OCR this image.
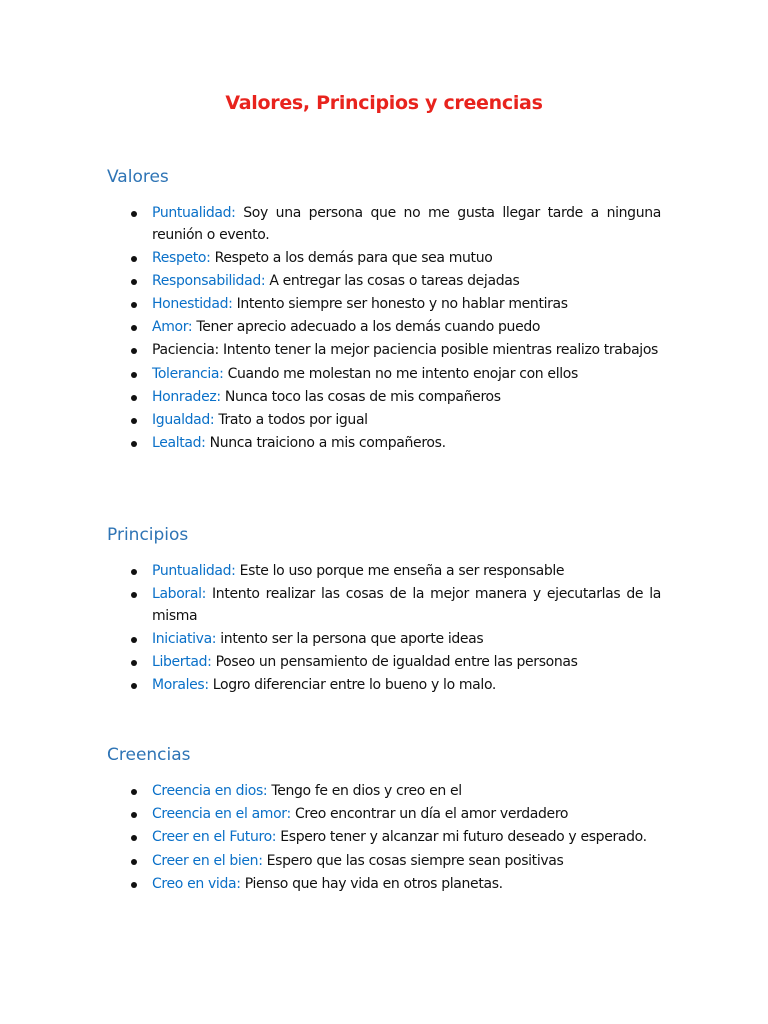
Valores, Principios y creencias
Valores
Puntualidad: Soy una persona que no me gusta llegar tarde a ninguna reunión o evento.
Respeto: Respeto a los demás para que sea mutuo
Responsabilidad: A entregar las cosas o tareas dejadas
Honestidad: Intento siempre ser honesto y no hablar mentiras
Amor: Tener aprecio adecuado a los demás cuando puedo
Paciencia: Intento tener la mejor paciencia posible mientras realizo trabajos
Tolerancia: Cuando me molestan no me intento enojar con ellos
Honradez: Nunca toco las cosas de mis compañeros
Igualdad: Trato a todos por igual
Lealtad: Nunca traiciono a mis compañeros.
Principios
Puntualidad: Este lo uso porque me enseña a ser responsable
Laboral: Intento realizar las cosas de la mejor manera y ejecutarlas de la misma
Iniciativa: intento ser la persona que aporte ideas
Libertad: Poseo un pensamiento de igualdad entre las personas
Morales: Logro diferenciar entre lo bueno y lo malo.
Creencias
Creencia en dios: Tengo fe en dios y creo en el
Creencia en el amor: Creo encontrar un día el amor verdadero
Creer en el Futuro: Espero tener y alcanzar mi futuro deseado y esperado.
Creer en el bien: Espero que las cosas siempre sean positivas
Creo en vida: Pienso que hay vida en otros planetas.
